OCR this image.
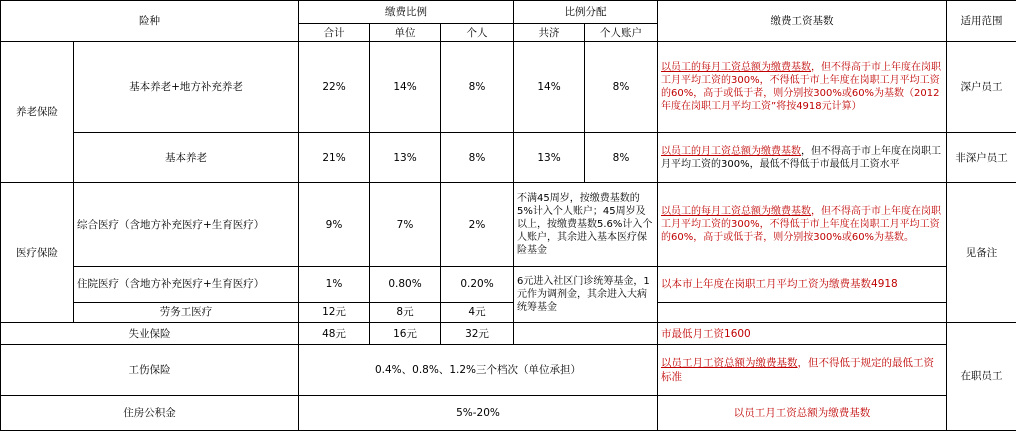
险种		缴费比例			比例分配		缴费工资基数	适用范围
		合计	单位	个人	共济	个人账户		
养老保险	基本养老+地方补充养老	22%	14%	8%	14%	8%	以员工的每月工资总额为缴费基数，但不得高于市上年度在岗职工月平均工资的300%，不得低于市上年度在岗职工月平均工资的60%，高于或低于者，则分别按300%或60%为基数（2012年度在岗职工月平均工资”将按4918元计算）	深户员工
	基本养老	21%	13%	8%	13%	8%	以员工的月工资总额为缴费基数，但不得高于市上年度在岗职工月平均工资的300%，最低不得低于市最低月工资水平	非深户员工
医疗保险	综合医疗（含地方补充医疗+生育医疗）	9%	7%	2%	不满45周岁，按缴费基数的5%计入个人账户；45周岁及以上，按缴费基数5.6%计入个人账户，其余进入基本医疗保险基金		以员工的每月工资总额为缴费基数，但不得高于市上年度在岗职工月平均工资的300%，不得低于市上年度在岗职工月平均工资的60%，高于或低于者，则分别按300%或60%为基数。	见备注
	住院医疗（含地方补充医疗+生育医疗）	1%	0.80%	0.20%	6元进入社区门诊统筹基金，1元作为调剂金，其余进入大病统筹基金		以本市上年度在岗职工月平均工资为缴费基数4918	
	劳务工医疗	12元	8元	4元				
失业保险		48元	16元	32元			市最低月工资1600	在职员工
工伤保险		0.4%、0.8%、1.2%三个档次（单位承担）					以员工月工资总额为缴费基数，但不得低于规定的最低工资标准	
住房公积金		5%-20%					以员工月工资总额为缴费基数	
